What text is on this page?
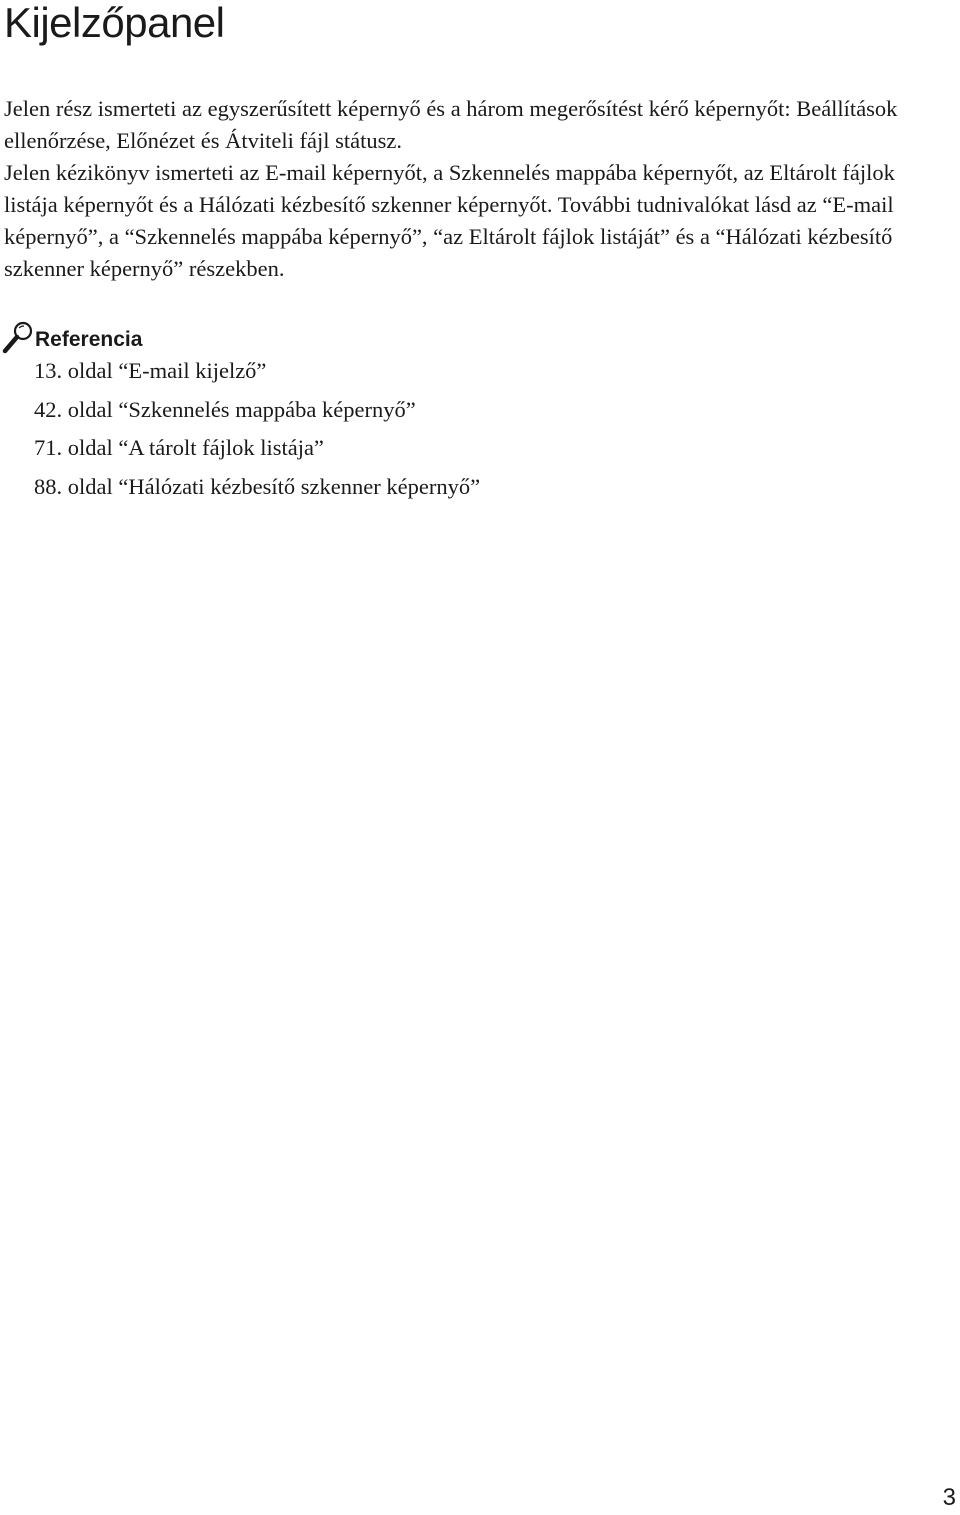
Kijelzőpanel

Jelen rész ismerteti az egyszerűsített képernyő és a három megerősítést kérő képernyőt: Beállítások ellenőrzése, Előnézet és Átviteli fájl státusz.

Jelen kézikönyv ismerteti az E-mail képernyőt, a Szkennelés mappába képernyőt, az Eltárolt fájlok listája képernyőt és a Hálózati kézbesítő szkenner képernyőt. További tudnivalókat lásd az “E-mail képernyő”, a “Szkennelés mappába képernyő”, “az Eltárolt fájlok listáját” és a “Hálózati kézbesítő szkenner képernyő” részekben.

Referencia
13. oldal “E-mail kijelző”
42. oldal “Szkennelés mappába képernyő”
71. oldal “A tárolt fájlok listája”
88. oldal “Hálózati kézbesítő szkenner képernyő”
3
